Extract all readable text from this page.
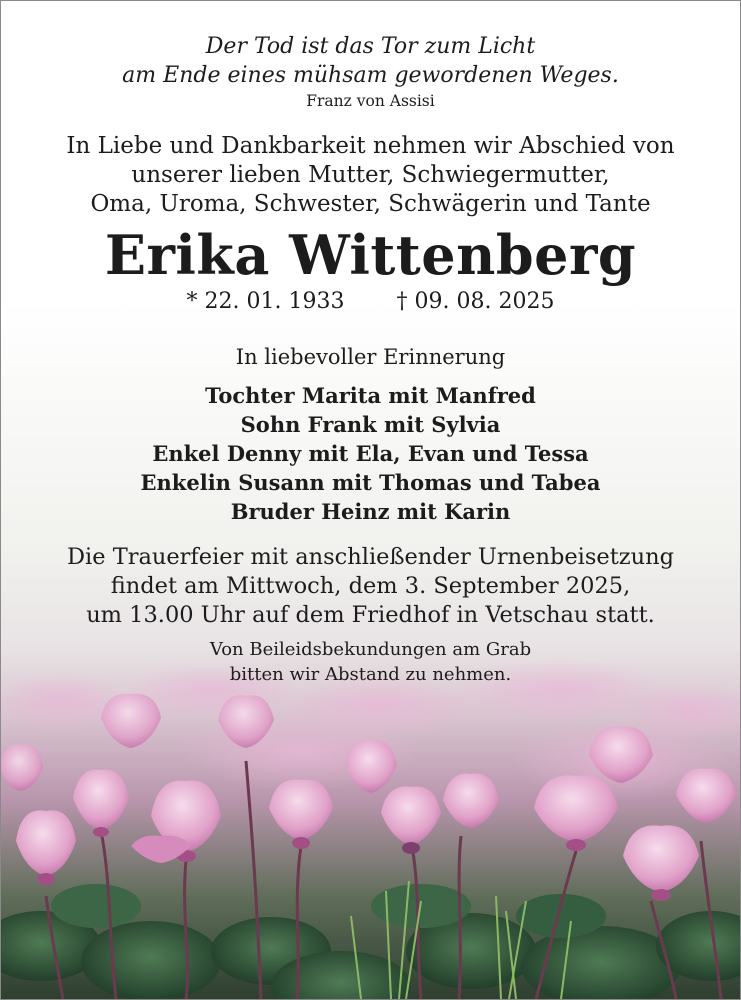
Der Tod ist das Tor zum Licht
am Ende eines mühsam gewordenen Weges.
Franz von Assisi
In Liebe und Dankbarkeit nehmen wir Abschied von
unserer lieben Mutter, Schwiegermutter,
Oma, Uroma, Schwester, Schwägerin und Tante
Erika Wittenberg
* 22. 01. 1933 † 09. 08. 2025
In liebevoller Erinnerung
Tochter Marita mit Manfred
Sohn Frank mit Sylvia
Enkel Denny mit Ela, Evan und Tessa
Enkelin Susann mit Thomas und Tabea
Bruder Heinz mit Karin
Die Trauerfeier mit anschließender Urnenbeisetzung
findet am Mittwoch, dem 3. September 2025,
um 13.00 Uhr auf dem Friedhof in Vetschau statt.
Von Beileidsbekundungen am Grab
bitten wir Abstand zu nehmen.
